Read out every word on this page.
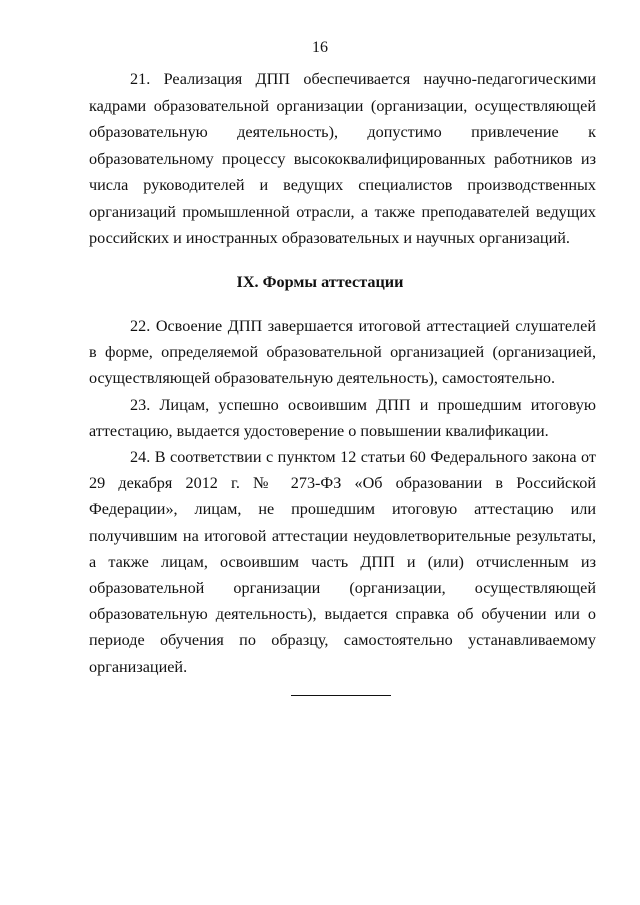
16

21. Реализация ДПП обеспечивается научно-педагогическими кадрами образовательной организации (организации, осуществляющей образовательную деятельность), допустимо привлечение к образовательному процессу высококвалифицированных работников из числа руководителей и ведущих специалистов производственных организаций промышленной отрасли, а также преподавателей ведущих российских и иностранных образовательных и научных организаций.

IX. Формы аттестации

22. Освоение ДПП завершается итоговой аттестацией слушателей в форме, определяемой образовательной организацией (организацией, осуществляющей образовательную деятельность), самостоятельно.

23. Лицам, успешно освоившим ДПП и прошедшим итоговую аттестацию, выдается удостоверение о повышении квалификации.

24. В соответствии с пунктом 12 статьи 60 Федерального закона от 29 декабря 2012 г. № 273-ФЗ «Об образовании в Российской Федерации», лицам, не прошедшим итоговую аттестацию или получившим на итоговой аттестации неудовлетворительные результаты, а также лицам, освоившим часть ДПП и (или) отчисленным из образовательной организации (организации, осуществляющей образовательную деятельность), выдается справка об обучении или о периоде обучения по образцу, самостоятельно устанавливаемому организацией.
